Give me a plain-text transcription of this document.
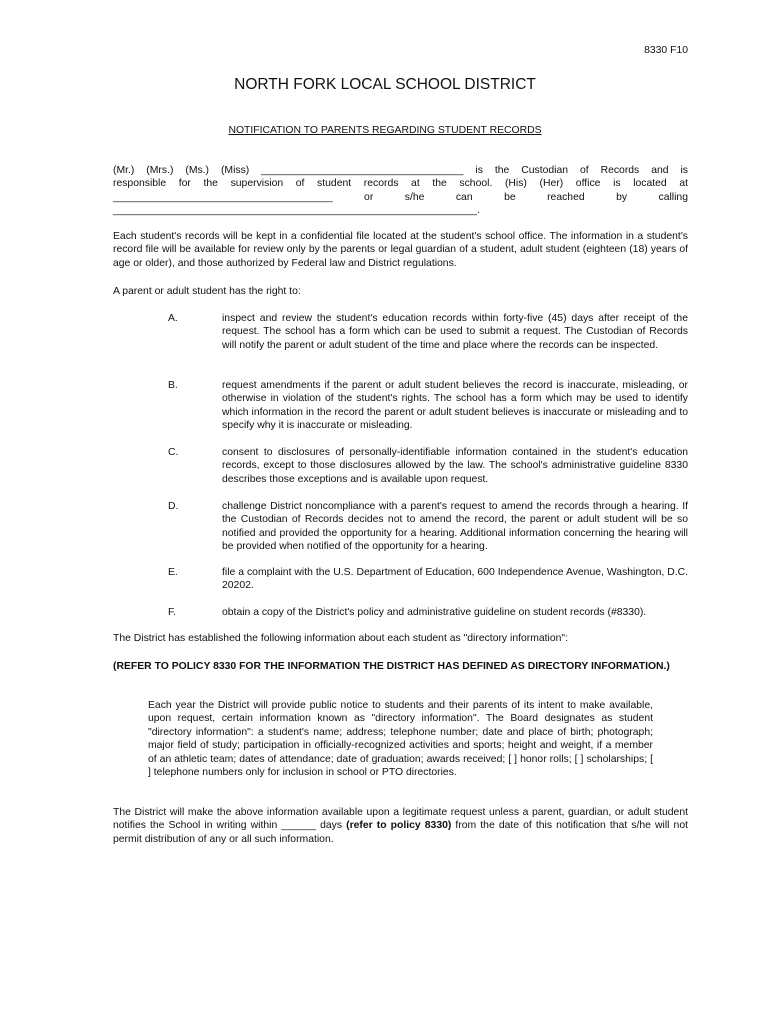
8330 F10
NORTH FORK LOCAL SCHOOL DISTRICT
NOTIFICATION TO PARENTS REGARDING STUDENT RECORDS
(Mr.) (Mrs.) (Ms.) (Miss) ___________________________________ is the Custodian of Records and is
responsible for the supervision of student records at the school. (His) (Her) office is located at
______________________________________ or s/he can be reached by calling
_______________________________________________________________.
Each student's records will be kept in a confidential file located at the student's school office. The information in a student's record file will be available for review only by the parents or legal guardian of a student, adult student (eighteen (18) years of age or older), and those authorized by Federal law and District regulations.
A parent or adult student has the right to:
A.	inspect and review the student's education records within forty-five (45) days after receipt of the request. The school has a form which can be used to submit a request. The Custodian of Records will notify the parent or adult student of the time and place where the records can be inspected.
B.	request amendments if the parent or adult student believes the record is inaccurate, misleading, or otherwise in violation of the student's rights. The school has a form which may be used to identify which information in the record the parent or adult student believes is inaccurate or misleading and to specify why it is inaccurate or misleading.
C.	consent to disclosures of personally-identifiable information contained in the student's education records, except to those disclosures allowed by the law. The school's administrative guideline 8330 describes those exceptions and is available upon request.
D.	challenge District noncompliance with a parent's request to amend the records through a hearing. If the Custodian of Records decides not to amend the record, the parent or adult student will be so notified and provided the opportunity for a hearing. Additional information concerning the hearing will be provided when notified of the opportunity for a hearing.
E.	file a complaint with the U.S. Department of Education, 600 Independence Avenue, Washington, D.C. 20202.
F.	obtain a copy of the District's policy and administrative guideline on student records (#8330).
The District has established the following information about each student as "directory information":
(REFER TO POLICY 8330 FOR THE INFORMATION THE DISTRICT HAS DEFINED AS DIRECTORY INFORMATION.)
Each year the District will provide public notice to students and their parents of its intent to make available, upon request, certain information known as "directory information". The Board designates as student "directory information": a student's name; address; telephone number; date and place of birth; photograph; major field of study; participation in officially-recognized activities and sports; height and weight, if a member of an athletic team; dates of attendance; date of graduation; awards received; [ ] honor rolls; [ ] scholarships; [ ] telephone numbers only for inclusion in school or PTO directories.
The District will make the above information available upon a legitimate request unless a parent, guardian, or adult student notifies the School in writing within ______ days (refer to policy 8330) from the date of this notification that s/he will not permit distribution of any or all such information.
